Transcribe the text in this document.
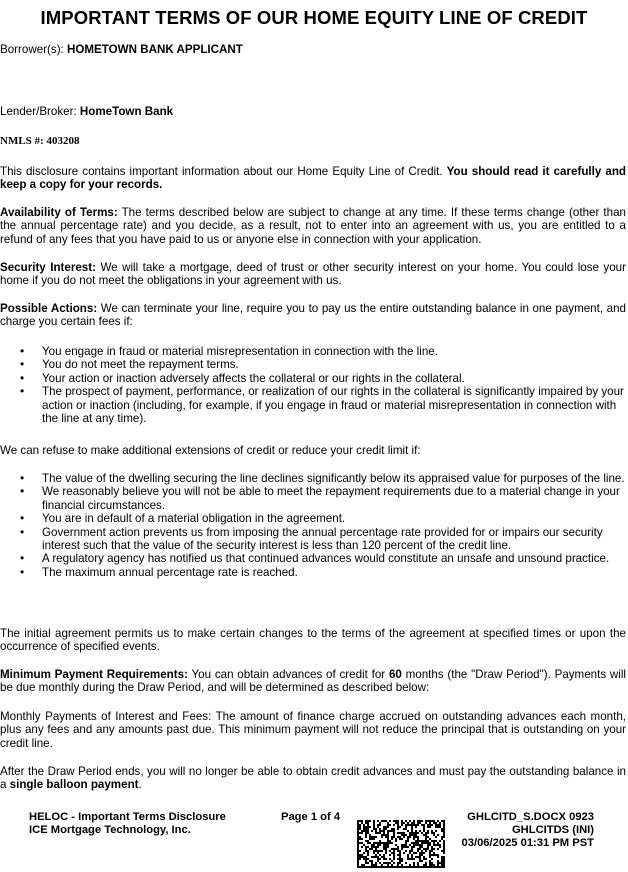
IMPORTANT TERMS OF OUR HOME EQUITY LINE OF CREDIT
Borrower(s): HOMETOWN BANK APPLICANT
Lender/Broker: HomeTown Bank
NMLS #: 403208
This disclosure contains important information about our Home Equity Line of Credit. You should read it carefully and keep a copy for your records.
Availability of Terms: The terms described below are subject to change at any time. If these terms change (other than the annual percentage rate) and you decide, as a result, not to enter into an agreement with us, you are entitled to a refund of any fees that you have paid to us or anyone else in connection with your application.
Security Interest: We will take a mortgage, deed of trust or other security interest on your home. You could lose your home if you do not meet the obligations in your agreement with us.
Possible Actions: We can terminate your line, require you to pay us the entire outstanding balance in one payment, and charge you certain fees if:
• You engage in fraud or material misrepresentation in connection with the line.
• You do not meet the repayment terms.
• Your action or inaction adversely affects the collateral or our rights in the collateral.
• The prospect of payment, performance, or realization of our rights in the collateral is significantly impaired by your action or inaction (including, for example, if you engage in fraud or material misrepresentation in connection with the line at any time).
We can refuse to make additional extensions of credit or reduce your credit limit if:
• The value of the dwelling securing the line declines significantly below its appraised value for purposes of the line.
• We reasonably believe you will not be able to meet the repayment requirements due to a material change in your financial circumstances.
• You are in default of a material obligation in the agreement.
• Government action prevents us from imposing the annual percentage rate provided for or impairs our security interest such that the value of the security interest is less than 120 percent of the credit line.
• A regulatory agency has notified us that continued advances would constitute an unsafe and unsound practice.
• The maximum annual percentage rate is reached.
The initial agreement permits us to make certain changes to the terms of the agreement at specified times or upon the occurrence of specified events.
Minimum Payment Requirements: You can obtain advances of credit for 60 months (the "Draw Period"). Payments will be due monthly during the Draw Period, and will be determined as described below:
Monthly Payments of Interest and Fees: The amount of finance charge accrued on outstanding advances each month, plus any fees and any amounts past due. This minimum payment will not reduce the principal that is outstanding on your credit line.
After the Draw Period ends, you will no longer be able to obtain credit advances and must pay the outstanding balance in a single balloon payment.
HELOC - Important Terms Disclosure
ICE Mortgage Technology, Inc.
Page 1 of 4	GHLCITD_S.DOCX 0923
GHLCITDS (INI)
03/06/2025 01:31 PM PST
